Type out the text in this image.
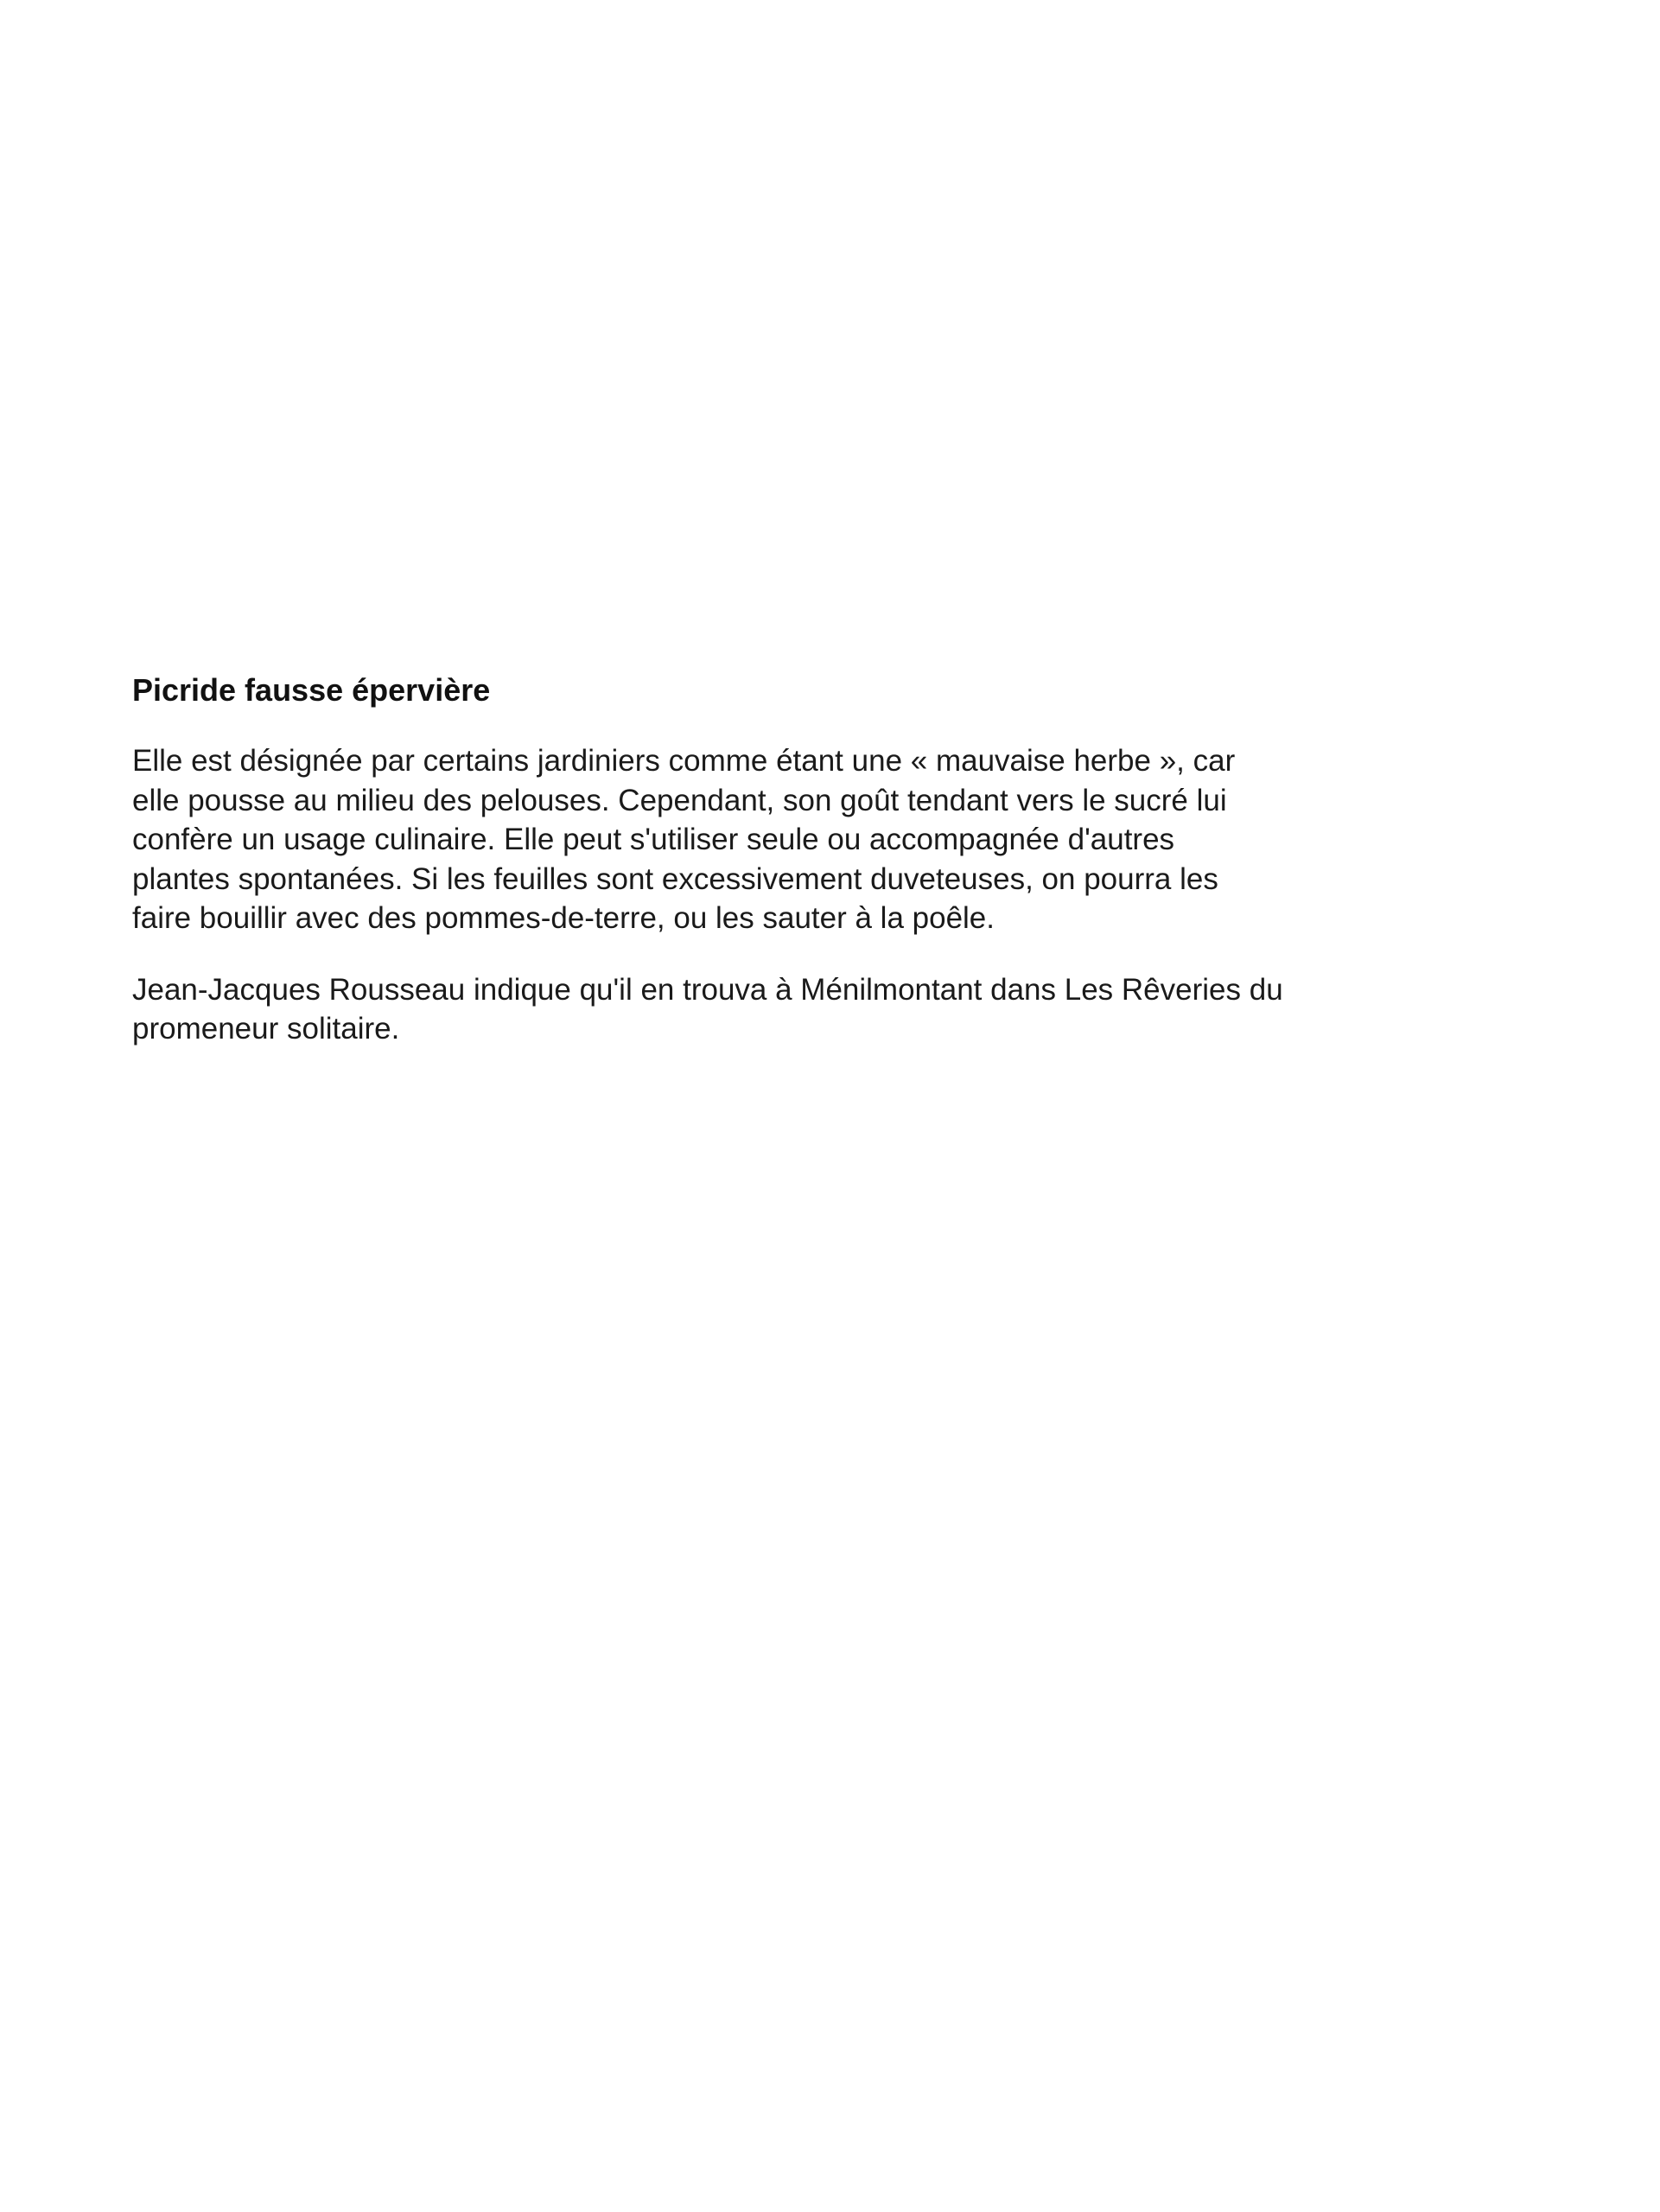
Picride fausse épervière

Elle est désignée par certains jardiniers comme étant une « mauvaise herbe », car
elle pousse au milieu des pelouses. Cependant, son goût tendant vers le sucré lui
confère un usage culinaire. Elle peut s'utiliser seule ou accompagnée d'autres
plantes spontanées. Si les feuilles sont excessivement duveteuses, on pourra les
faire bouillir avec des pommes-de-terre, ou les sauter à la poêle.

Jean-Jacques Rousseau indique qu'il en trouva à Ménilmontant dans Les Rêveries du
promeneur solitaire.
